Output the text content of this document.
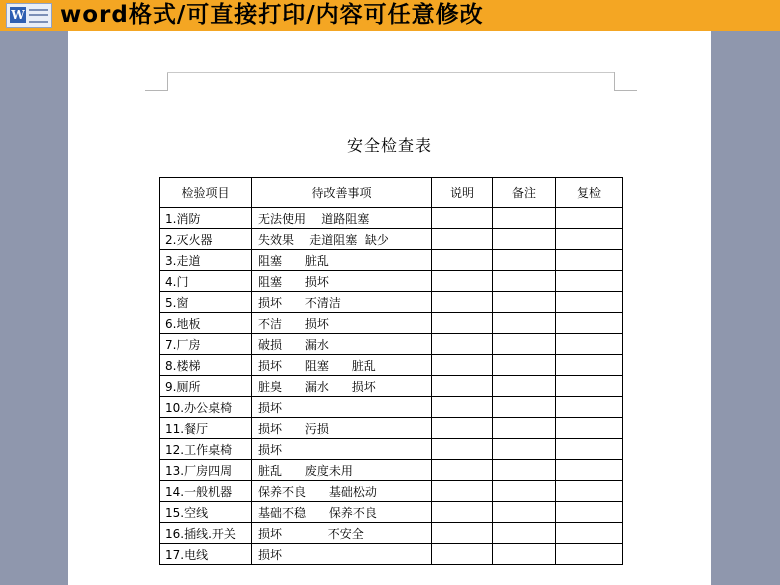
W word格式/可直接打印/内容可任意修改
安全检查表
检验项目	待改善事项	说明	备注	复检
1.消防	无法使用    道路阻塞			
2.灭火器	失效果    走道阻塞  缺少			
3.走道	阻塞      脏乱			
4.门	阻塞      损坏			
5.窗	损坏      不清洁			
6.地板	不洁      损坏			
7.厂房	破损      漏水			
8.楼梯	损坏      阻塞      脏乱			
9.厕所	脏臭      漏水      损坏			
10.办公桌椅	损坏			
11.餐厅	损坏      污损			
12.工作桌椅	损坏			
13.厂房四周	脏乱      废度未用			
14.一般机器	保养不良      基础松动			
15.空线	基础不稳      保养不良			
16.插线.开关	损坏            不安全			
17.电线	损坏			
